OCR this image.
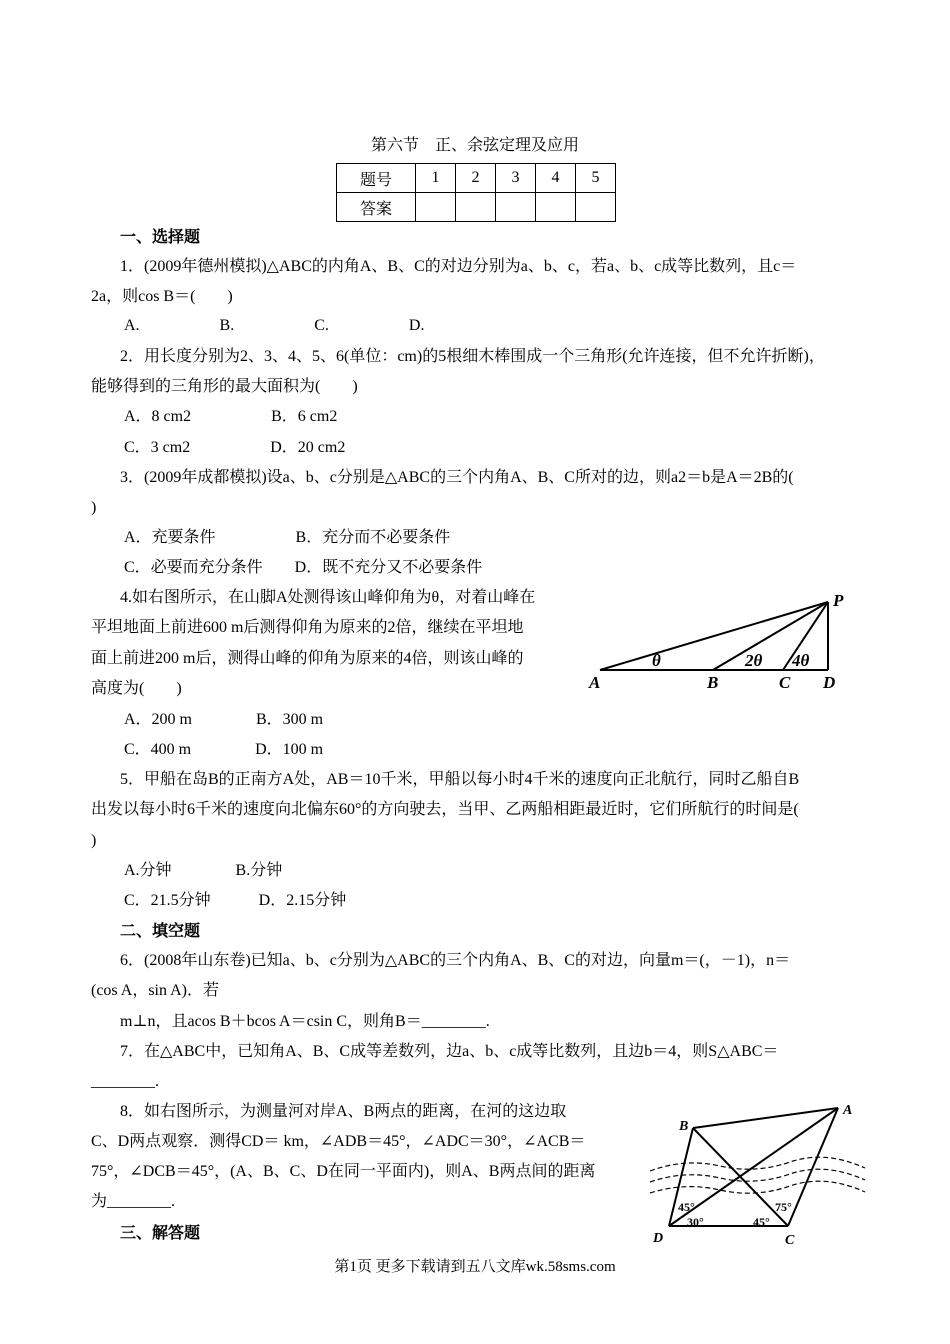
第六节　正、余弦定理及应用
题号	1	2	3	4	5
答案					
一、选择题
1．(2009年德州模拟)△ABC的内角A、B、C的对边分别为a、b、c，若a、b、c成等比数列，且c＝
2a，则cos B＝(　　)
A.　　　　　B.　　　　　C.　　　　　D.
2．用长度分别为2、3、4、5、6(单位：cm)的5根细木棒围成一个三角形(允许连接，但不允许折断)，
能够得到的三角形的最大面积为(　　)
A．8 cm2　　　　　B．6 cm2
C．3 cm2　　　　　D．20 cm2
3．(2009年成都模拟)设a、b、c分别是△ABC的三个内角A、B、C所对的边，则a2＝b是A＝2B的(
)
A．充要条件　　　　　B．充分而不必要条件
C．必要而充分条件　　D．既不充分又不必要条件
4.如右图所示，在山脚A处测得该山峰仰角为θ，对着山峰在
平坦地面上前进600 m后测得仰角为原来的2倍，继续在平坦地
面上前进200 m后，测得山峰的仰角为原来的4倍，则该山峰的
高度为(　　)
A．200 m　　　　B．300 m
C．400 m　　　　D．100 m
P
A	B	C D
θ	2θ 4θ
5．甲船在岛B的正南方A处，AB＝10千米，甲船以每小时4千米的速度向正北航行，同时乙船自B
出发以每小时6千米的速度向北偏东60°的方向驶去，当甲、乙两船相距最近时，它们所航行的时间是(
)
A.分钟　　　　B.分钟
C．21.5分钟　　　D．2.15分钟
二、填空题
6．(2008年山东卷)已知a、b、c分别为△ABC的三个内角A、B、C的对边，向量m＝(，－1)，n＝
(cos A，sin A)．若
m⊥n，且acos B＋bcos A＝csin C，则角B＝________.
7．在△ABC中，已知角A、B、C成等差数列，边a、b、c成等比数列，且边b＝4，则S△ABC＝
________.
8．如右图所示，为测量河对岸A、B两点的距离，在河的这边取
C、D两点观察．测得CD＝ km，∠ADB＝45°，∠ADC＝30°，∠ACB＝
75°，∠DCB＝45°，(A、B、C、D在同一平面内)，则A、B两点间的距离
为________.
三、解答题
A
B
D	C
45°
30°	45°
75°
第1页 更多下载请到五八文库wk.58sms.com
